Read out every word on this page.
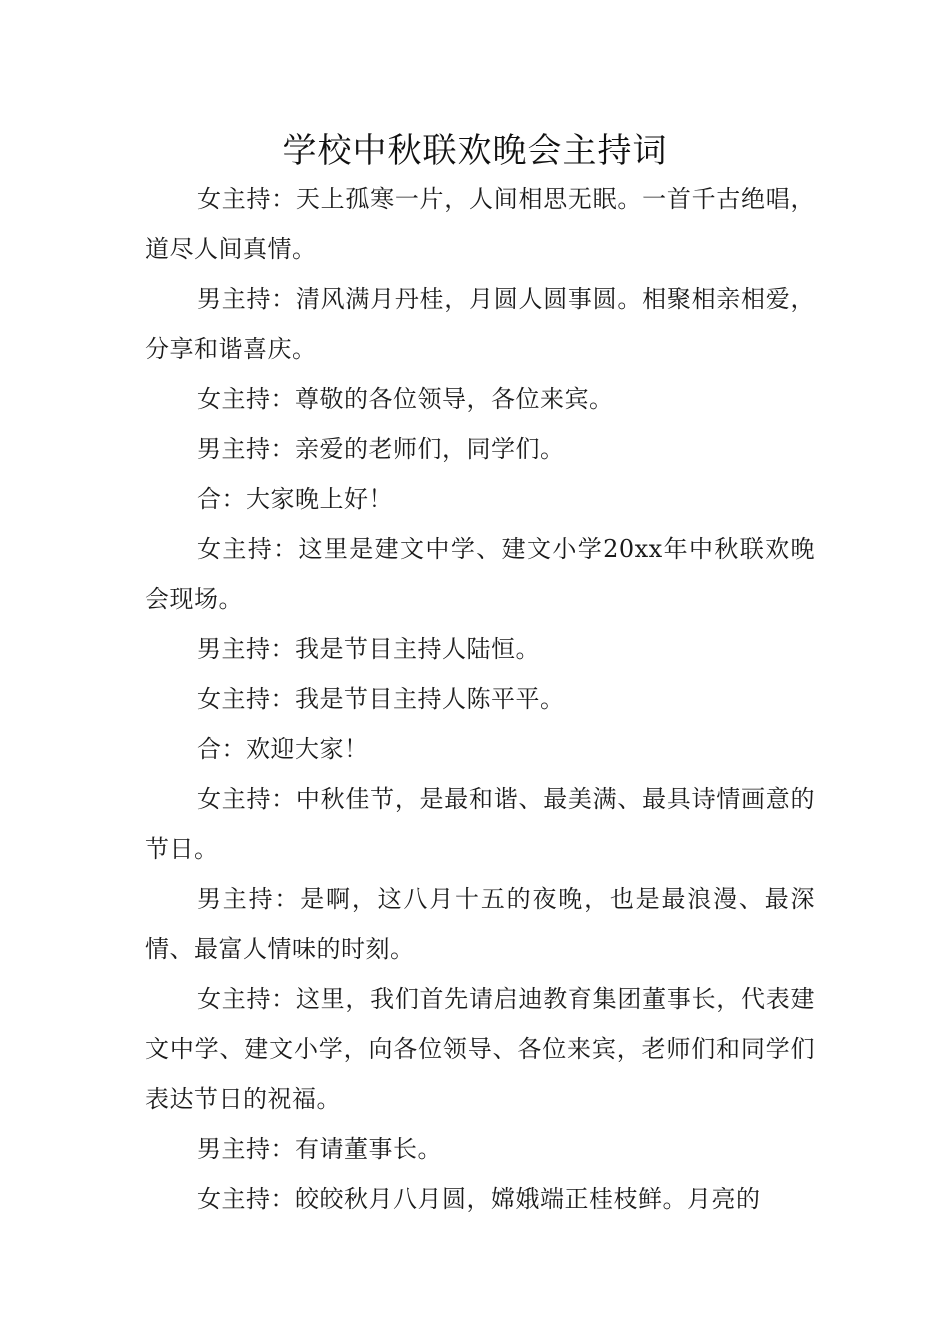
学校中秋联欢晚会主持词

女主持：天上孤寒一片，人间相思无眠。一首千古绝唱，道尽人间真情。

男主持：清风满月丹桂，月圆人圆事圆。相聚相亲相爱，分享和谐喜庆。

女主持：尊敬的各位领导，各位来宾。

男主持：亲爱的老师们，同学们。

合：大家晚上好！

女主持：这里是建文中学、建文小学20xx年中秋联欢晚会现场。

男主持：我是节目主持人陆恒。

女主持：我是节目主持人陈平平。

合：欢迎大家！

女主持：中秋佳节，是最和谐、最美满、最具诗情画意的节日。

男主持：是啊，这八月十五的夜晚，也是最浪漫、最深情、最富人情味的时刻。

女主持：这里，我们首先请启迪教育集团董事长，代表建文中学、建文小学，向各位领导、各位来宾，老师们和同学们表达节日的祝福。

男主持：有请董事长。

女主持：皎皎秋月八月圆，嫦娥端正桂枝鲜。月亮的
